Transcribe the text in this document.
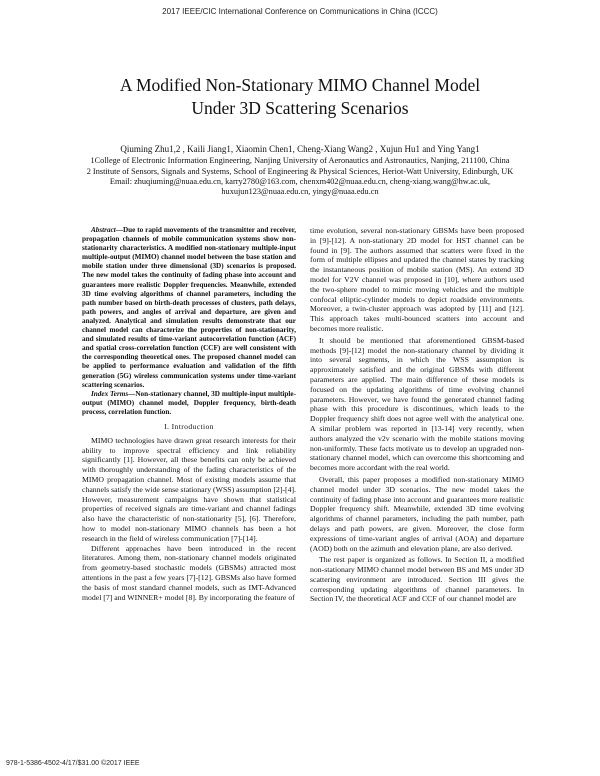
2017 IEEE/CIC International Conference on Communications in China (ICCC)
A Modified Non-Stationary MIMO Channel Model
Under 3D Scattering Scenarios
Qiuming Zhu1,2 , Kaili Jiang1, Xiaomin Chen1, Cheng-Xiang Wang2 , Xujun Hu1 and Ying Yang1
1College of Electronic Information Engineering, Nanjing University of Aeronautics and Astronautics, Nanjing, 211100, China
2 Institute of Sensors, Signals and Systems, School of Engineering & Physical Sciences, Heriot-Watt University, Edinburgh, UK
Email: zhuqiuming@nuaa.edu.cn, karry2780@163.com, chenxm402@nuaa.edu.cn, cheng-xiang.wang@hw.ac.uk,
huxujun123@nuaa.edu.cn, yingy@nuaa.edu.cn

Abstract—Due to rapid movements of the transmitter and receiver, propagation channels of mobile communication systems show non-stationarity characteristics. A modified non-stationary multiple-input multiple-output (MIMO) channel model between the base station and mobile station under three dimensional (3D) scenarios is proposed. The new model takes the continuity of fading phase into account and guarantees more realistic Doppler frequencies. Meanwhile, extended 3D time evolving algorithms of channel parameters, including the path number based on birth-death processes of clusters, path delays, path powers, and angles of arrival and departure, are given and analyzed. Analytical and simulation results demonstrate that our channel model can characterize the properties of non-stationarity, and simulated results of time-variant autocorrelation function (ACF) and spatial cross-correlation function (CCF) are well consistent with the corresponding theoretical ones. The proposed channel model can be applied to performance evaluation and validation of the fifth generation (5G) wireless communication systems under time-variant scattering scenarios.

Index Terms—Non-stationary channel, 3D multiple-input multiple-output (MIMO) channel model, Doppler frequency, birth-death process, correlation function.

I. Introduction

MIMO technologies have drawn great research interests for their ability to improve spectral efficiency and link reliability significantly [1]. However, all these benefits can only be achieved with thoroughly understanding of the fading characteristics of the MIMO propagation channel. Most of existing models assume that channels satisfy the wide sense stationary (WSS) assumption [2]-[4]. However, measurement campaigns have shown that statistical properties of received signals are time-variant and channel fadings also have the characteristic of non-stationarity [5], [6]. Therefore, how to model non-stationary MIMO channels has been a hot research in the field of wireless communication [7]-[14].

Different approaches have been introduced in the recent literatures. Among them, non-stationary channel models originated from geometry-based stochastic models (GBSMs) attracted most attentions in the past a few years [7]-[12]. GBSMs also have formed the basis of most standard channel models, such as IMT-Advanced model [7] and WINNER+ model [8]. By incorporating the feature of

time evolution, several non-stationary GBSMs have been proposed in [9]-[12]. A non-stationary 2D model for HST channel can be found in [9]. The authors assumed that scatters were fixed in the form of multiple ellipses and updated the channel states by tracking the instantaneous position of mobile station (MS). An extend 3D model for V2V channel was proposed in [10], where authors used the two-sphere model to mimic moving vehicles and the multiple confocal elliptic-cylinder models to depict roadside environments. Moreover, a twin-cluster approach was adopted by [11] and [12]. This approach takes multi-bounced scatters into account and becomes more realistic.

It should be mentioned that aforementioned GBSM-based methods [9]-[12] model the non-stationary channel by dividing it into several segments, in which the WSS assumption is approximately satisfied and the original GBSMs with different parameters are applied. The main difference of these models is focused on the updating algorithms of time evolving channel parameters. However, we have found the generated channel fading phase with this procedure is discontinues, which leads to the Doppler frequency shift does not agree well with the analytical one. A similar problem was reported in [13-14] very recently, when authors analyzed the v2v scenario with the mobile stations moving non-uniformly. These facts motivate us to develop an upgraded non-stationary channel model, which can overcome this shortcoming and becomes more accordant with the real world.

Overall, this paper proposes a modified non-stationary MIMO channel model under 3D scenarios. The new model takes the continuity of fading phase into account and guarantees more realistic Doppler frequency shift. Meanwhile, extended 3D time evolving algorithms of channel parameters, including the path number, path delays and path powers, are given. Moreover, the close form expressions of time-variant angles of arrival (AOA) and departure (AOD) both on the azimuth and elevation plane, are also derived.

The rest paper is organized as follows. In Section II, a modified non-stationary MIMO channel model between BS and MS under 3D scattering environment are introduced. Section III gives the corresponding updating algorithms of channel parameters. In Section IV, the theoretical ACF and CCF of our channel model are

978-1-5386-4502-4/17/$31.00 ©2017 IEEE
